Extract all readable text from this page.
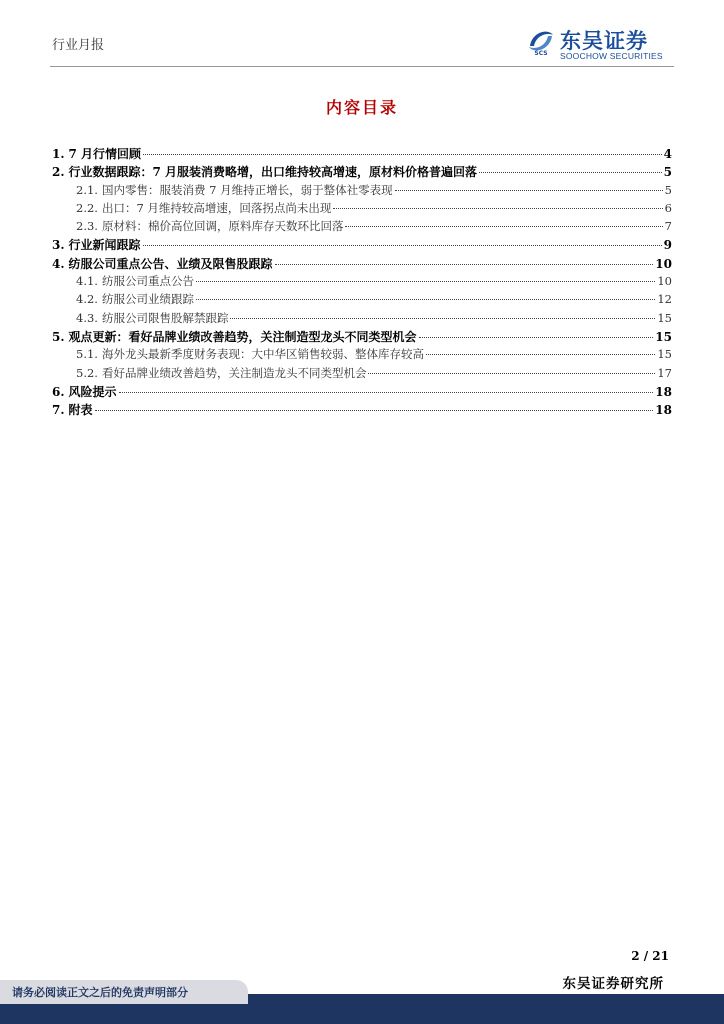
行业月报
SCS
东吴证券
SOOCHOW SECURITIES
内容目录
1. 7 月行情回顾	4
2. 行业数据跟踪：7 月服装消费略增，出口维持较高增速，原材料价格普遍回落	5
2.1. 国内零售：服装消费 7 月维持正增长，弱于整体社零表现	5
2.2. 出口：7 月维持较高增速，回落拐点尚未出现	6
2.3. 原材料：棉价高位回调，原料库存天数环比回落	7
3. 行业新闻跟踪	9
4. 纺服公司重点公告、业绩及限售股跟踪	10
4.1. 纺服公司重点公告	10
4.2. 纺服公司业绩跟踪	12
4.3. 纺服公司限售股解禁跟踪	15
5. 观点更新：看好品牌业绩改善趋势，关注制造型龙头不同类型机会	15
5.1. 海外龙头最新季度财务表现：大中华区销售较弱、整体库存较高	15
5.2. 看好品牌业绩改善趋势，关注制造龙头不同类型机会	17
6. 风险提示	18
7. 附表	18
2 / 21
东吴证券研究所
请务必阅读正文之后的免责声明部分
